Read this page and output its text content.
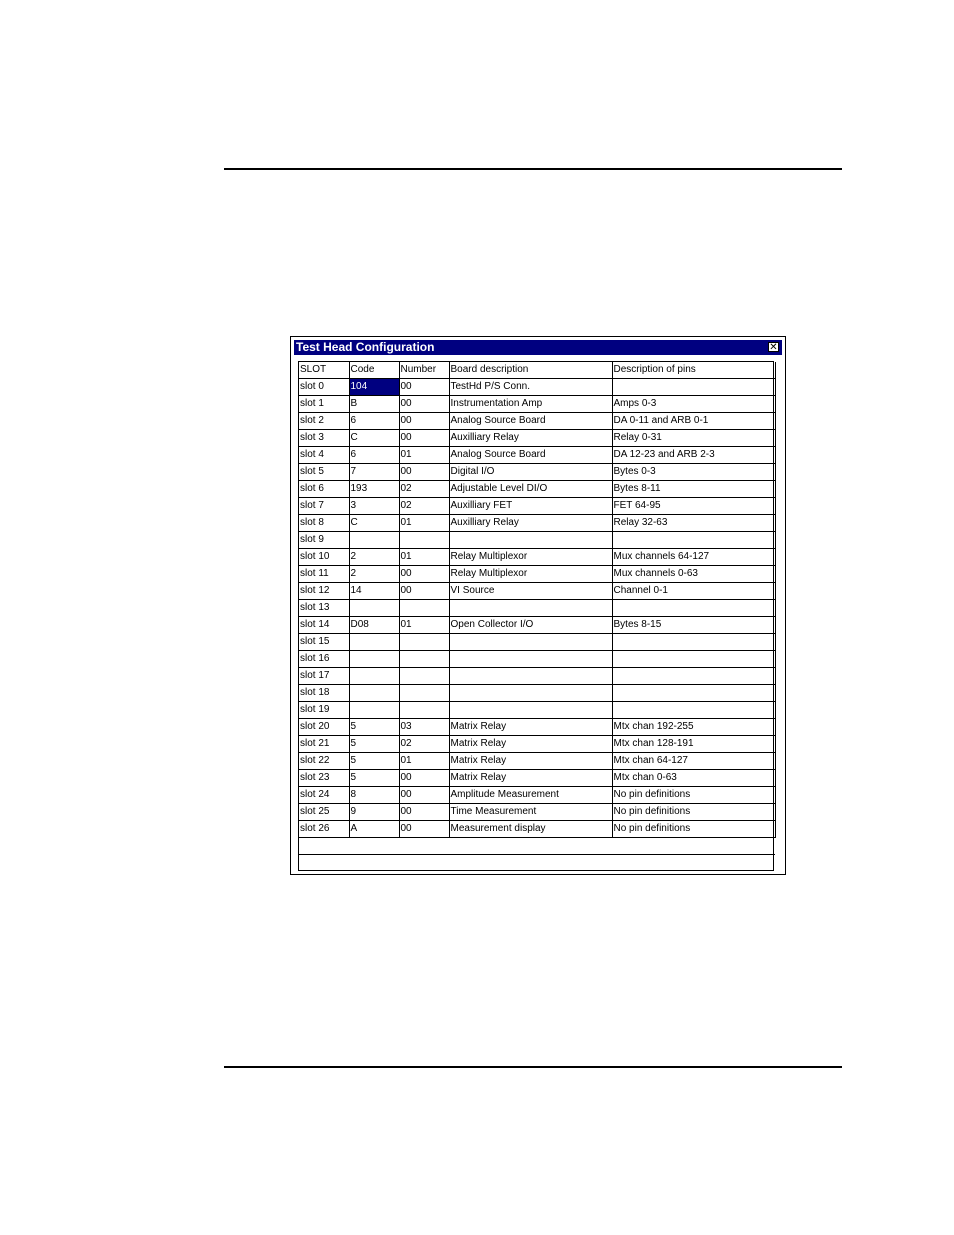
Test Head Configuration	✕
SLOT	Code	Number	Board description	Description of pins
slot 0	104	00	TestHd P/S Conn.	
slot 1	B	00	Instrumentation Amp	Amps 0-3
slot 2	6	00	Analog Source Board	DA 0-11 and ARB 0-1
slot 3	C	00	Auxilliary Relay	Relay 0-31
slot 4	6	01	Analog Source Board	DA 12-23 and ARB 2-3
slot 5	7	00	Digital I/O	Bytes 0-3
slot 6	193	02	Adjustable Level DI/O	Bytes 8-11
slot 7	3	02	Auxilliary FET	FET 64-95
slot 8	C	01	Auxilliary Relay	Relay 32-63
slot 9				
slot 10	2	01	Relay Multiplexor	Mux channels 64-127
slot 11	2	00	Relay Multiplexor	Mux channels 0-63
slot 12	14	00	VI Source	Channel 0-1
slot 13				
slot 14	D08	01	Open Collector I/O	Bytes 8-15
slot 15				
slot 16				
slot 17				
slot 18				
slot 19				
slot 20	5	03	Matrix Relay	Mtx chan 192-255
slot 21	5	02	Matrix Relay	Mtx chan 128-191
slot 22	5	01	Matrix Relay	Mtx chan 64-127
slot 23	5	00	Matrix Relay	Mtx chan 0-63
slot 24	8	00	Amplitude Measurement	No pin definitions
slot 25	9	00	Time Measurement	No pin definitions
slot 26	A	00	Measurement display	No pin definitions
